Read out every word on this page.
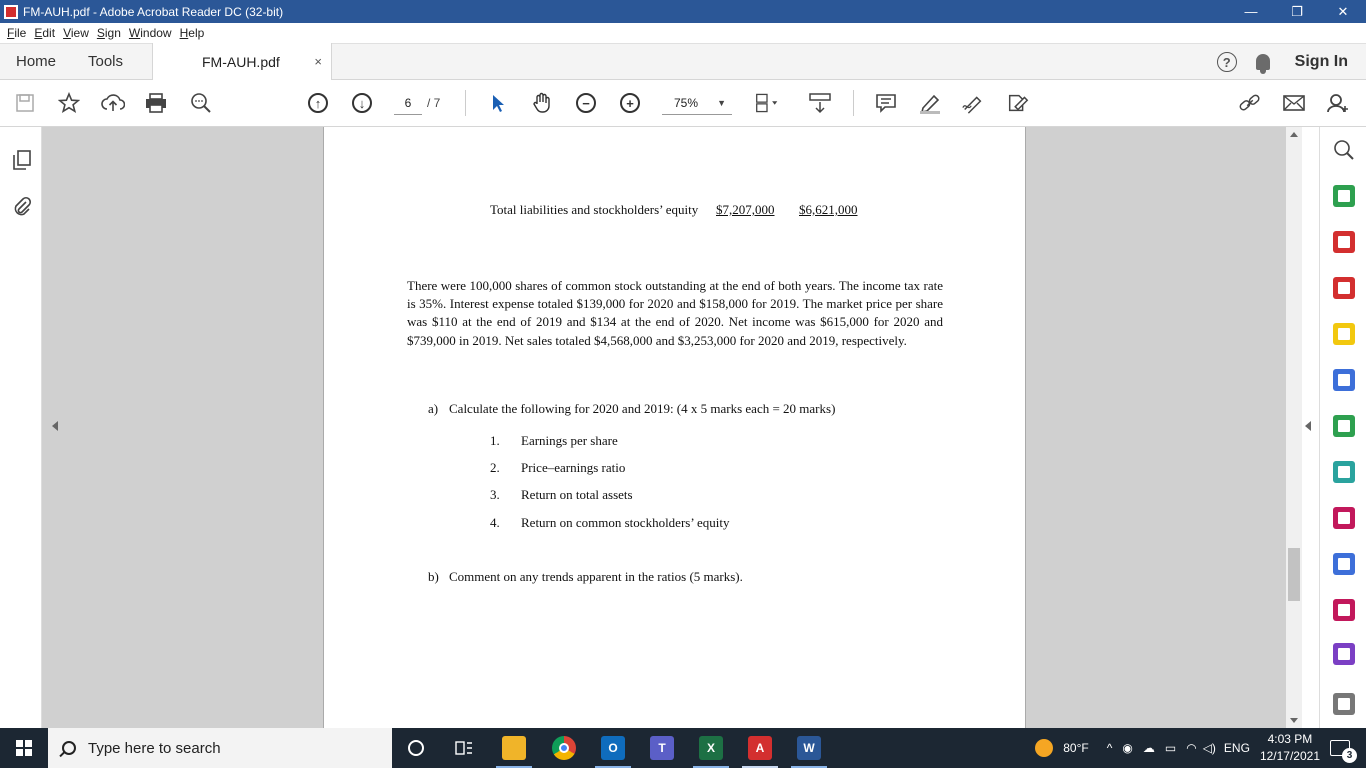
FM-AUH.pdf - Adobe Acrobat Reader DC (32-bit)	—	❐	✕
File Edit View Sign Window Help
Home Tools	FM-AUH.pdf	×	?	Sign In
↑	↓	6	/ 7	−	+	75% ▼
Total liabilities and stockholders’ equity $7,207,000 $6,621,000
There were 100,000 shares of common stock outstanding at the end of both years. The income tax rate is 35%. Interest expense totaled $139,000 for 2020 and $158,000 for 2019. The market price per share was $110 at the end of 2019 and $134 at the end of 2020. Net income was $615,000 for 2020 and $739,000 in 2019. Net sales totaled $4,568,000 and $3,253,000 for 2020 and 2019, respectively.
a) Calculate the following for 2020 and 2019: (4 x 5 marks each = 20 marks)
1. Earnings per share
2. Price–earnings ratio
3. Return on total assets
4. Return on common stockholders’ equity
b) Comment on any trends apparent in the ratios (5 marks).
Type here to search	O	T	X	A	W	80°F ^ ◉ ☁ ▭ ◠ ◁) ENG
4:03 PM
12/17/2021	3
